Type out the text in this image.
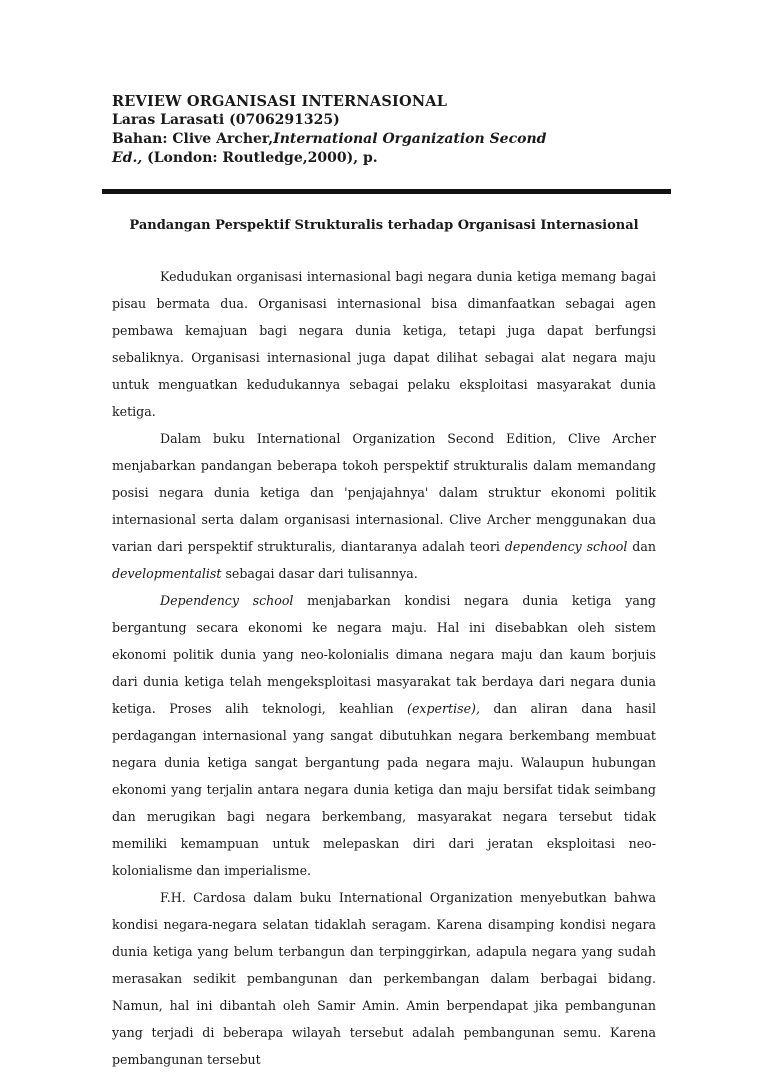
REVIEW ORGANISASI INTERNASIONAL
Laras Larasati (0706291325)
Bahan: Clive Archer,International Organization Second
Ed., (London: Routledge,2000), p.
Pandangan Perspektif Strukturalis terhadap Organisasi Internasional

Kedudukan organisasi internasional bagi negara dunia ketiga memang bagai pisau bermata dua. Organisasi internasional bisa dimanfaatkan sebagai agen pembawa kemajuan bagi negara dunia ketiga, tetapi juga dapat berfungsi sebaliknya. Organisasi internasional juga dapat dilihat sebagai alat negara maju untuk menguatkan kedudukannya sebagai pelaku eksploitasi masyarakat dunia ketiga.

Dalam buku International Organization Second Edition, Clive Archer menjabarkan pandangan beberapa tokoh perspektif strukturalis dalam memandang posisi negara dunia ketiga dan 'penjajahnya' dalam struktur ekonomi politik internasional serta dalam organisasi internasional. Clive Archer menggunakan dua varian dari perspektif strukturalis, diantaranya adalah teori dependency school dan developmentalist sebagai dasar dari tulisannya.

Dependency school menjabarkan kondisi negara dunia ketiga yang bergantung secara ekonomi ke negara maju. Hal ini disebabkan oleh sistem ekonomi politik dunia yang neo-kolonialis dimana negara maju dan kaum borjuis dari dunia ketiga telah mengeksploitasi masyarakat tak berdaya dari negara dunia ketiga. Proses alih teknologi, keahlian (expertise), dan aliran dana hasil perdagangan internasional yang sangat dibutuhkan negara berkembang membuat negara dunia ketiga sangat bergantung pada negara maju. Walaupun hubungan ekonomi yang terjalin antara negara dunia ketiga dan maju bersifat tidak seimbang dan merugikan bagi negara berkembang, masyarakat negara tersebut tidak memiliki kemampuan untuk melepaskan diri dari jeratan eksploitasi neo-kolonialisme dan imperialisme.

F.H. Cardosa dalam buku International Organization menyebutkan bahwa kondisi negara-negara selatan tidaklah seragam. Karena disamping kondisi negara dunia ketiga yang belum terbangun dan terpinggirkan, adapula negara yang sudah merasakan sedikit pembangunan dan perkembangan dalam berbagai bidang. Namun, hal ini dibantah oleh Samir Amin. Amin berpendapat jika pembangunan yang terjadi di beberapa wilayah tersebut adalah pembangunan semu. Karena pembangunan tersebut
